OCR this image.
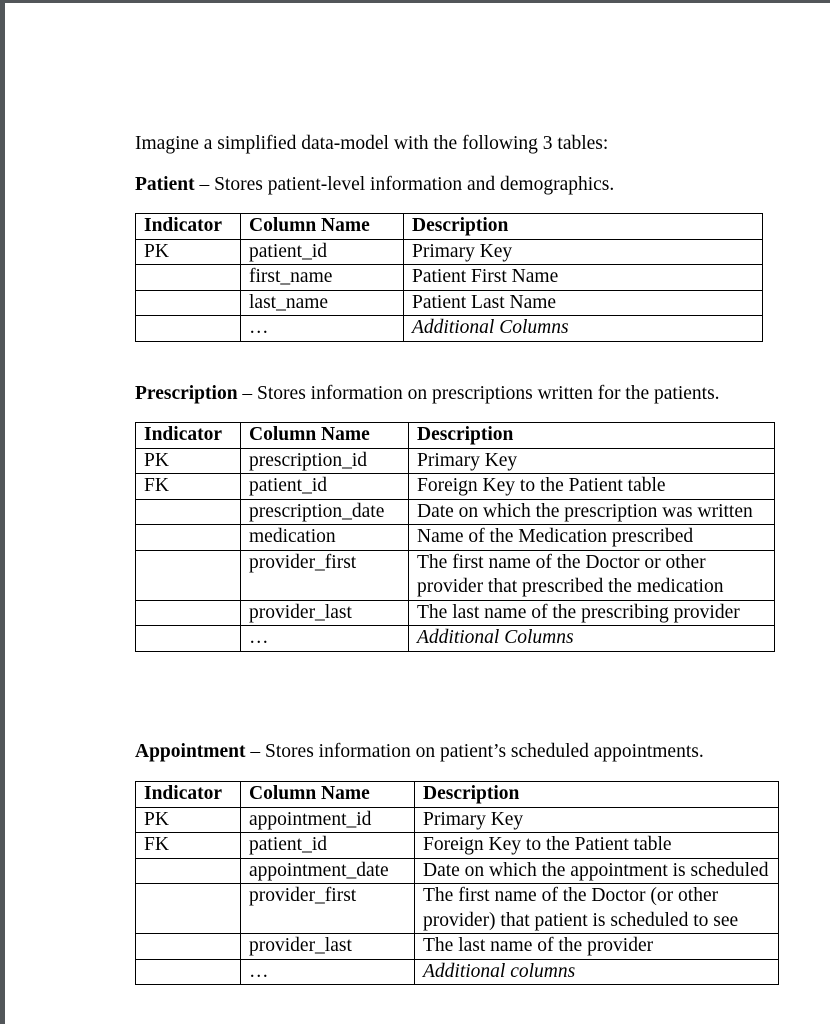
Imagine a simplified data-model with the following 3 tables:
Patient – Stores patient-level information and demographics.
Indicator	Column Name	Description
PK	patient_id	Primary Key
	first_name	Patient First Name
	last_name	Patient Last Name
	…	Additional Columns
Prescription – Stores information on prescriptions written for the patients.
Indicator	Column Name	Description
PK	prescription_id	Primary Key
FK	patient_id	Foreign Key to the Patient table
	prescription_date	Date on which the prescription was written
	medication	Name of the Medication prescribed
	provider_first	The first name of the Doctor or other provider that prescribed the medication
	provider_last	The last name of the prescribing provider
	…	Additional Columns
Appointment – Stores information on patient’s scheduled appointments.
Indicator	Column Name	Description
PK	appointment_id	Primary Key
FK	patient_id	Foreign Key to the Patient table
	appointment_date	Date on which the appointment is scheduled
	provider_first	The first name of the Doctor (or other provider) that patient is scheduled to see
	provider_last	The last name of the provider
	…	Additional columns
